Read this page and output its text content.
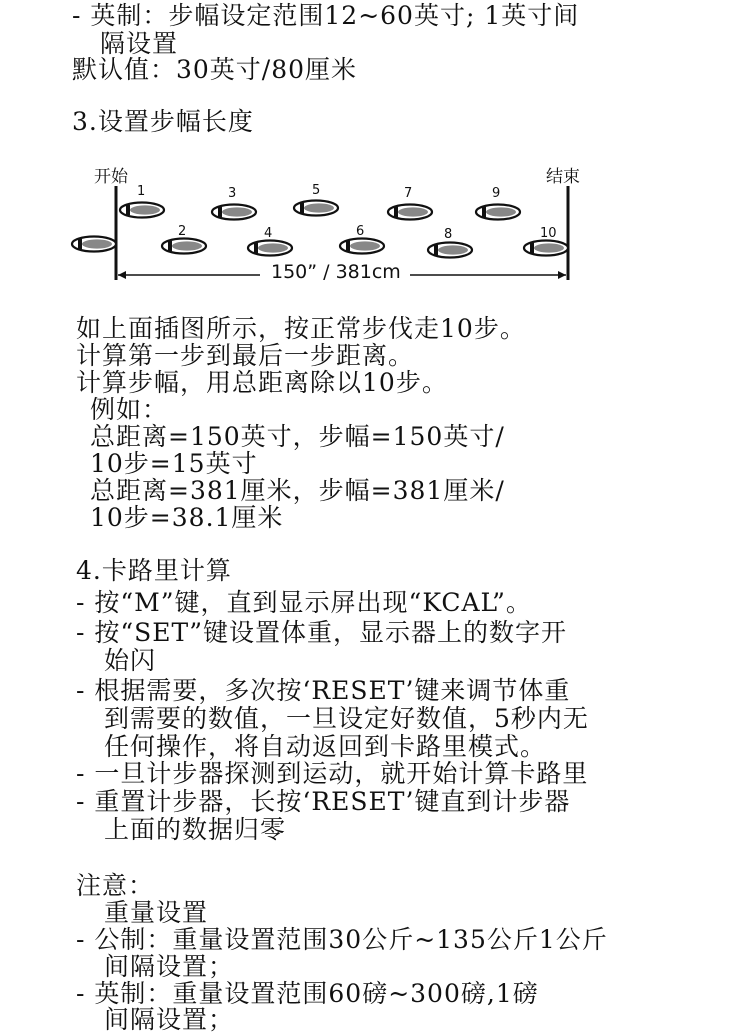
- 英制：步幅设定范围12~60英寸; 1英寸间
隔设置
默认值：30英寸/80厘米
3.设置步幅长度
开始	结束
1
2
3
4
5
6
7
8
9
10
150” / 381cm
如上面插图所示，按正常步伐走10步。
计算第一步到最后一步距离。
计算步幅，用总距离除以10步。
例如：
总距离=150英寸，步幅=150英寸/
10步=15英寸
总距离=381厘米，步幅=381厘米/
10步=38.1厘米
4.卡路里计算
- 按“M”键，直到显示屏出现“KCAL”。
- 按“SET”键设置体重，显示器上的数字开
始闪
- 根据需要，多次按‘RESET’键来调节体重
到需要的数值，一旦设定好数值，5秒内无
任何操作，将自动返回到卡路里模式。
- 一旦计步器探测到运动，就开始计算卡路里
- 重置计步器，长按‘RESET’键直到计步器
上面的数据归零
注意：
重量设置
- 公制：重量设置范围30公斤~135公斤1公斤
间隔设置；
- 英制：重量设置范围60磅~300磅,1磅
间隔设置；
